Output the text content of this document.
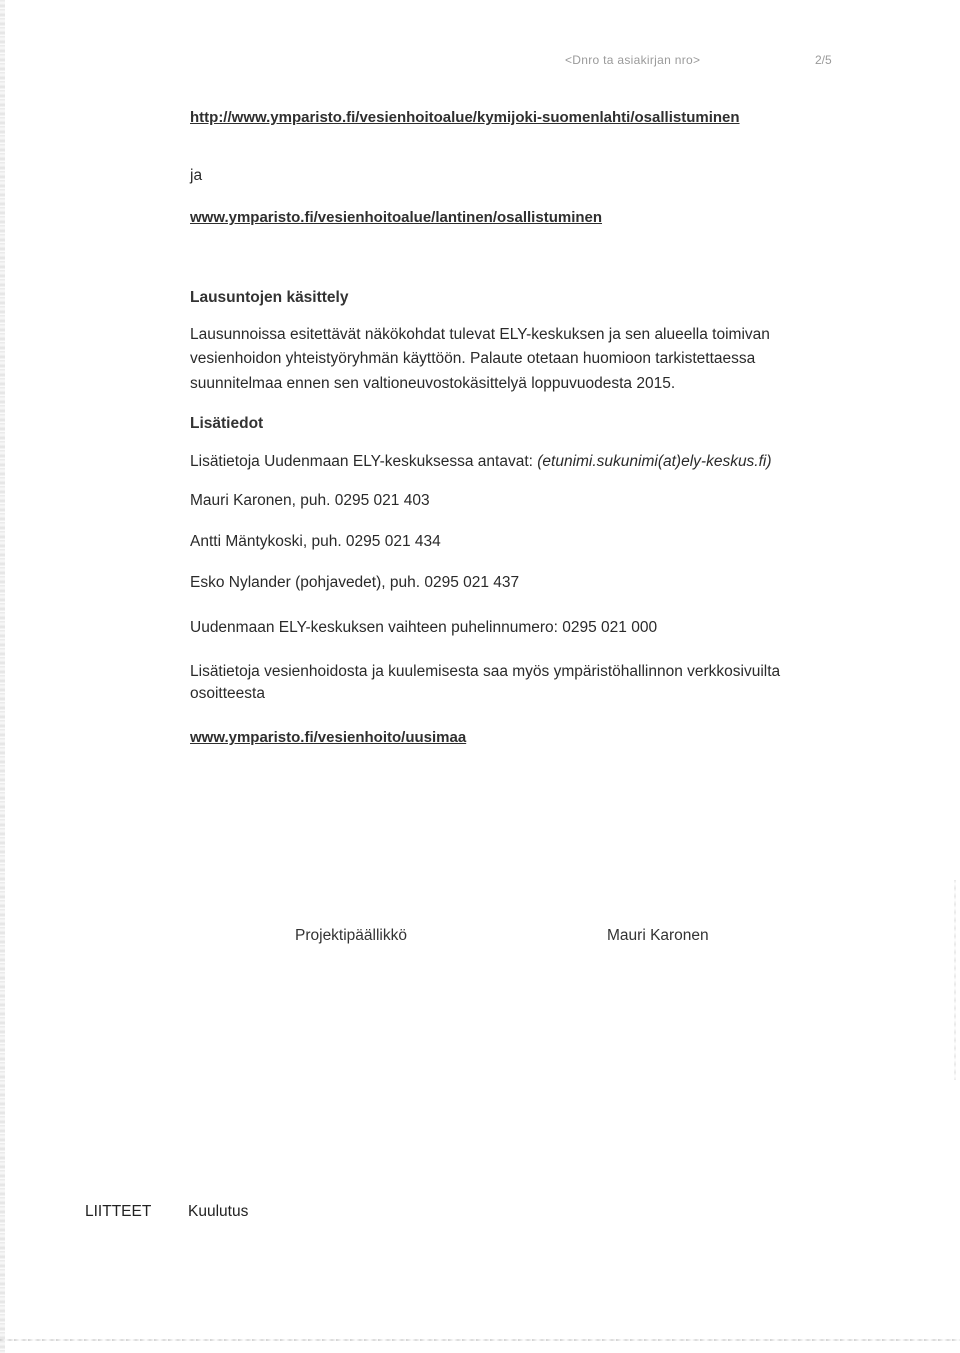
<Dnro ta asiakirjan nro>	2/5
http://www.ymparisto.fi/vesienhoitoalue/kymijoki-suomenlahti/osallistuminen
ja
www.ymparisto.fi/vesienhoitoalue/lantinen/osallistuminen
Lausuntojen käsittely
Lausunnoissa esitettävät näkökohdat tulevat ELY-keskuksen ja sen alueella toimivan
vesienhoidon yhteistyöryhmän käyttöön. Palaute otetaan huomioon tarkistettaessa
suunnitelmaa ennen sen valtioneuvostokäsittelyä loppuvuodesta 2015.
Lisätiedot
Lisätietoja Uudenmaan ELY-keskuksessa antavat: (etunimi.sukunimi(at)ely-keskus.fi)
Mauri Karonen, puh. 0295 021 403
Antti Mäntykoski, puh. 0295 021 434
Esko Nylander (pohjavedet), puh. 0295 021 437
Uudenmaan ELY-keskuksen vaihteen puhelinnumero: 0295 021 000
Lisätietoja vesienhoidosta ja kuulemisesta saa myös ympäristöhallinnon verkkosivuilta
osoitteesta
www.ymparisto.fi/vesienhoito/uusimaa
Projektipäällikkö	Mauri Karonen
LIITTEET Kuulutus
